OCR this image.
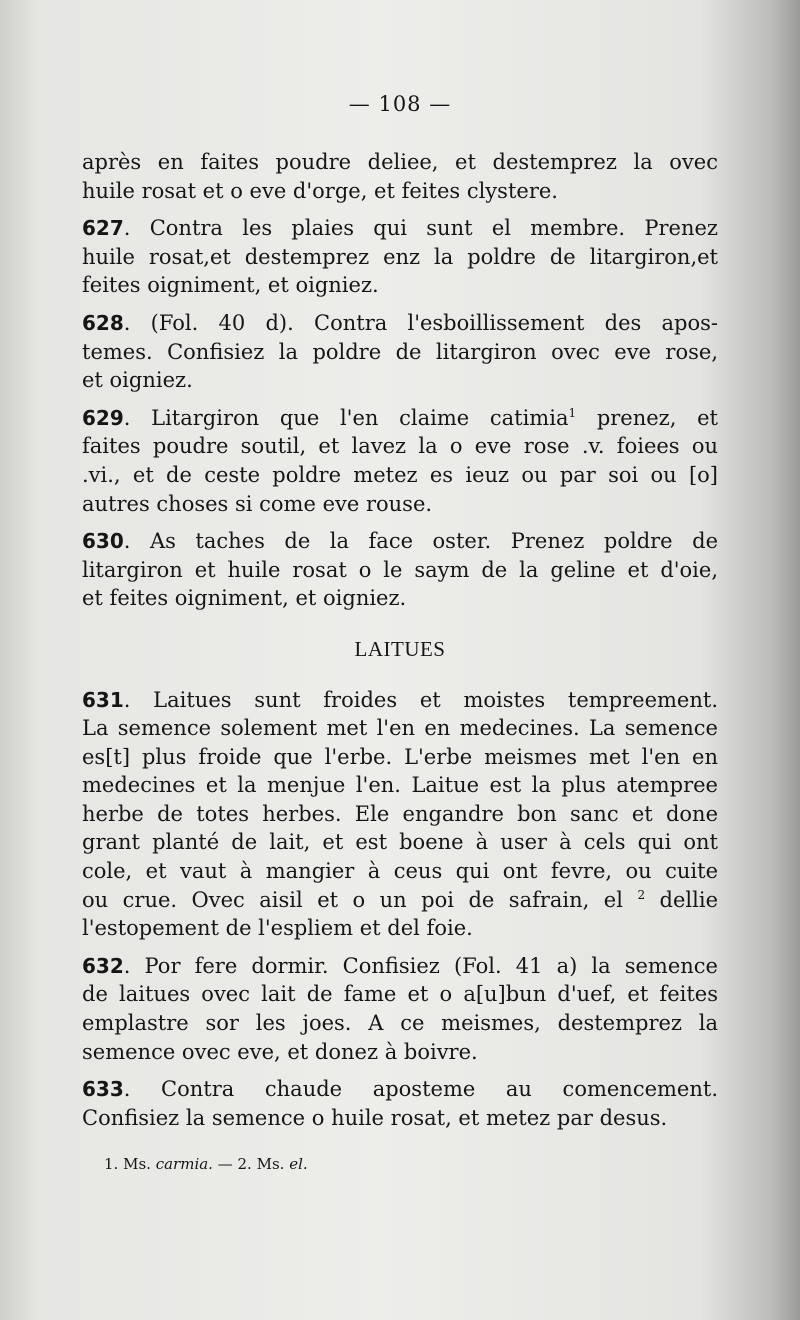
— 108 —
après en faites poudre deliee, et destemprez la ovec
huile rosat et o eve d'orge, et feites clystere.
627. Contra les plaies qui sunt el membre. Prenez
huile rosat,et destemprez enz la poldre de litargiron,et
feites oigniment, et oigniez.
628. (Fol. 40 d). Contra l'esboillissement des apos-
temes. Confisiez la poldre de litargiron ovec eve rose,
et oigniez.
629. Litargiron que l'en claime catimia$^1$ prenez, et
faites poudre soutil, et lavez la o eve rose .v. foiees ou
.vi., et de ceste poldre metez es ieuz ou par soi ou [o]
autres choses si come eve rouse.
630. As taches de la face oster. Prenez poldre de
litargiron et huile rosat o le saym de la geline et d'oie,
et feites oigniment, et oigniez.
LAITUES
631. Laitues sunt froides et moistes tempreement.
La semence solement met l'en en medecines. La semence
es[t] plus froide que l'erbe. L'erbe meismes met l'en en
medecines et la menjue l'en. Laitue est la plus atempree
herbe de totes herbes. Ele engandre bon sanc et done
grant planté de lait, et est boene à user à cels qui ont
cole, et vaut à mangier à ceus qui ont fevre, ou cuite
ou crue. Ovec aisil et o un poi de safrain, el $^2$ dellie
l'estopement de l'espliem et del foie.
632. Por fere dormir. Confisiez (Fol. 41 a) la semence
de laitues ovec lait de fame et o a[u]bun d'uef, et feites
emplastre sor les joes. A ce meismes, destemprez la
semence ovec eve, et donez à boivre.
633. Contra chaude aposteme au comencement.
Confisiez la semence o huile rosat, et metez par desus.
1. Ms. carmia. — 2. Ms. el.
